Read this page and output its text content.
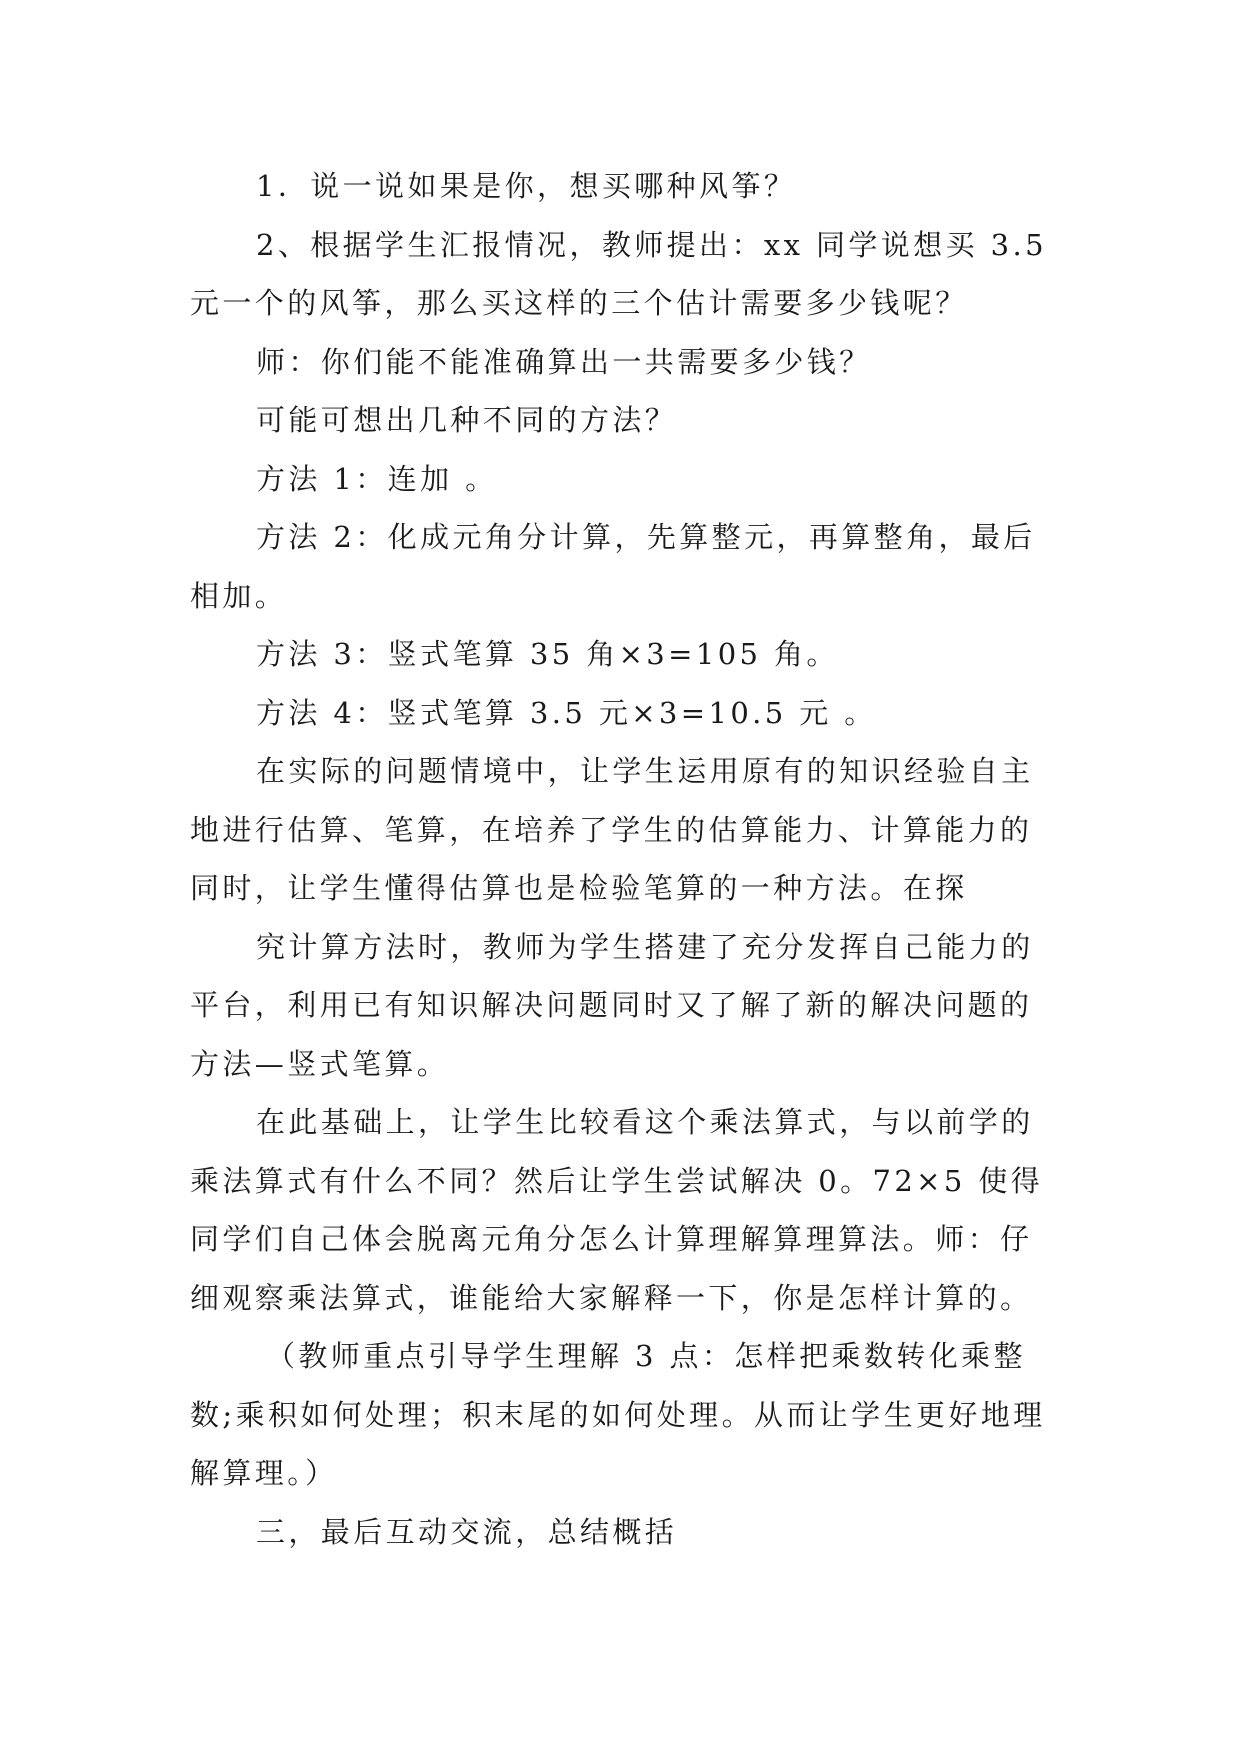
1．说一说如果是你，想买哪种风筝？

2、根据学生汇报情况，教师提出：xx 同学说想买 3.5 元一个的风筝，那么买这样的三个估计需要多少钱呢？

师：你们能不能准确算出一共需要多少钱？

可能可想出几种不同的方法？

方法 1：连加 。

方法 2：化成元角分计算，先算整元，再算整角，最后相加。

方法 3：竖式笔算 35 角×3=105 角。

方法 4：竖式笔算 3.5 元×3=10.5 元 。

在实际的问题情境中，让学生运用原有的知识经验自主地进行估算、笔算，在培养了学生的估算能力、计算能力的同时，让学生懂得估算也是检验笔算的一种方法。在探

究计算方法时，教师为学生搭建了充分发挥自己能力的平台，利用已有知识解决问题同时又了解了新的解决问题的方法—竖式笔算。

在此基础上，让学生比较看这个乘法算式，与以前学的乘法算式有什么不同？然后让学生尝试解决 0。72×5 使得同学们自己体会脱离元角分怎么计算理解算理算法。师：仔细观察乘法算式，谁能给大家解释一下，你是怎样计算的。

（教师重点引导学生理解 3 点：怎样把乘数转化乘整数;乘积如何处理；积末尾的如何处理。从而让学生更好地理解算理。）

三，最后互动交流，总结概括
